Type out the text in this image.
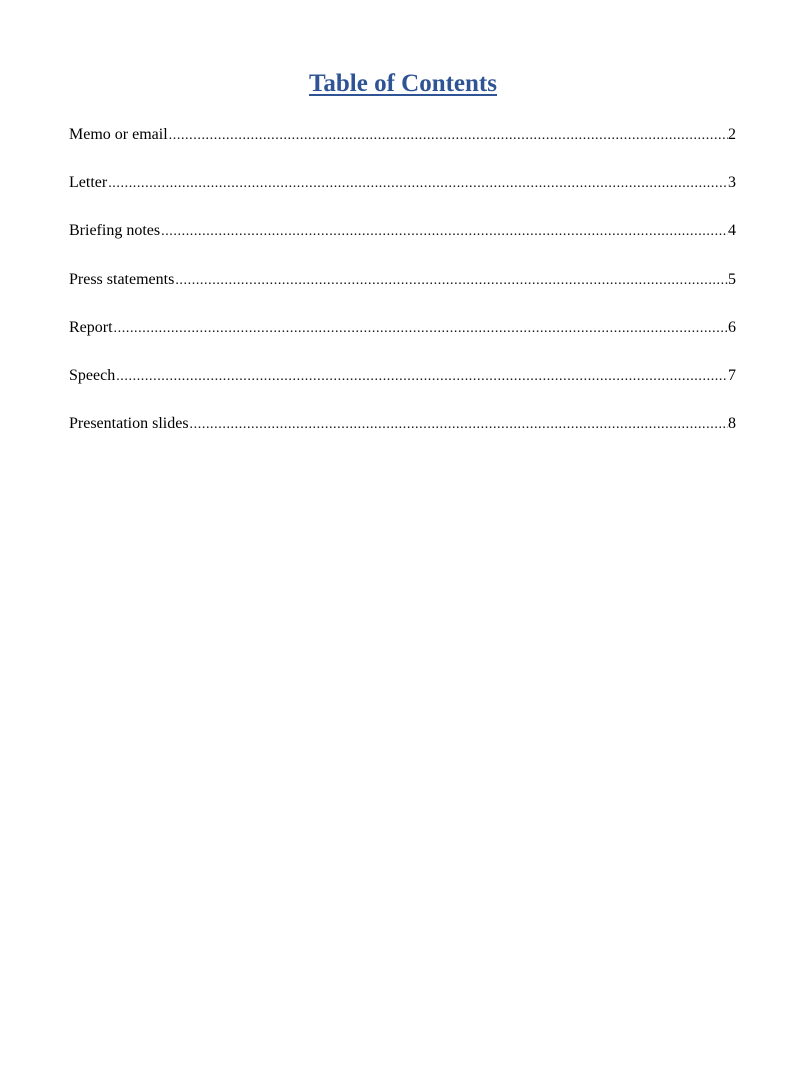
Table of Contents
Memo or email .....	2
Letter .....	3
Briefing notes .....	4
Press statements .....	5
Report .....	6
Speech .....	7
Presentation slides .....	8
